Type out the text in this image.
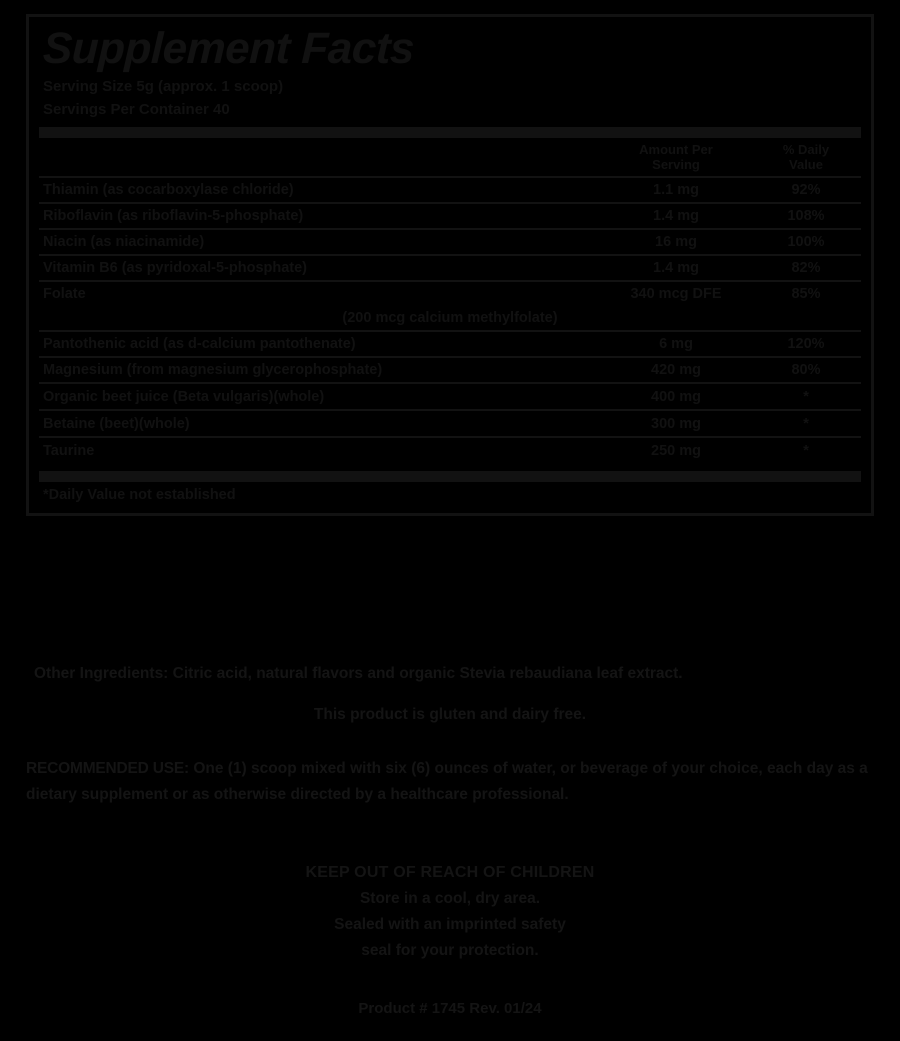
Supplement Facts
Serving Size 5g (approx. 1 scoop)
Servings Per Container 40

Amount Per
Serving

% Daily
Value

Thiamin (as cocarboxylase chloride)	1.1 mg	92%
Riboflavin (as riboflavin-5-phosphate)	1.4 mg	108%
Niacin (as niacinamide)	16 mg	100%
Vitamin B6 (as pyridoxal-5-phosphate)	1.4 mg	82%
Folate	340 mcg DFE	85%
(200 mcg calcium methylfolate)		
Pantothenic acid (as d-calcium pantothenate)	6 mg	120%
Magnesium (from magnesium glycerophosphate)	420 mg	80%
Organic beet juice (Beta vulgaris)(whole)	400 mg	*
Betaine (beet)(whole)	300 mg	*
Taurine	250 mg	*
*Daily Value not established
Other Ingredients: Citric acid, natural flavors and organic Stevia rebaudiana leaf extract.
This product is gluten and dairy free.
RECOMMENDED USE: One (1) scoop mixed with six (6) ounces of water, or beverage of your choice, each day as a dietary supplement or as otherwise directed by a healthcare professional.
KEEP OUT OF REACH OF CHILDREN
Store in a cool, dry area.
Sealed with an imprinted safety
seal for your protection.
Product # 1745 Rev. 01/24
